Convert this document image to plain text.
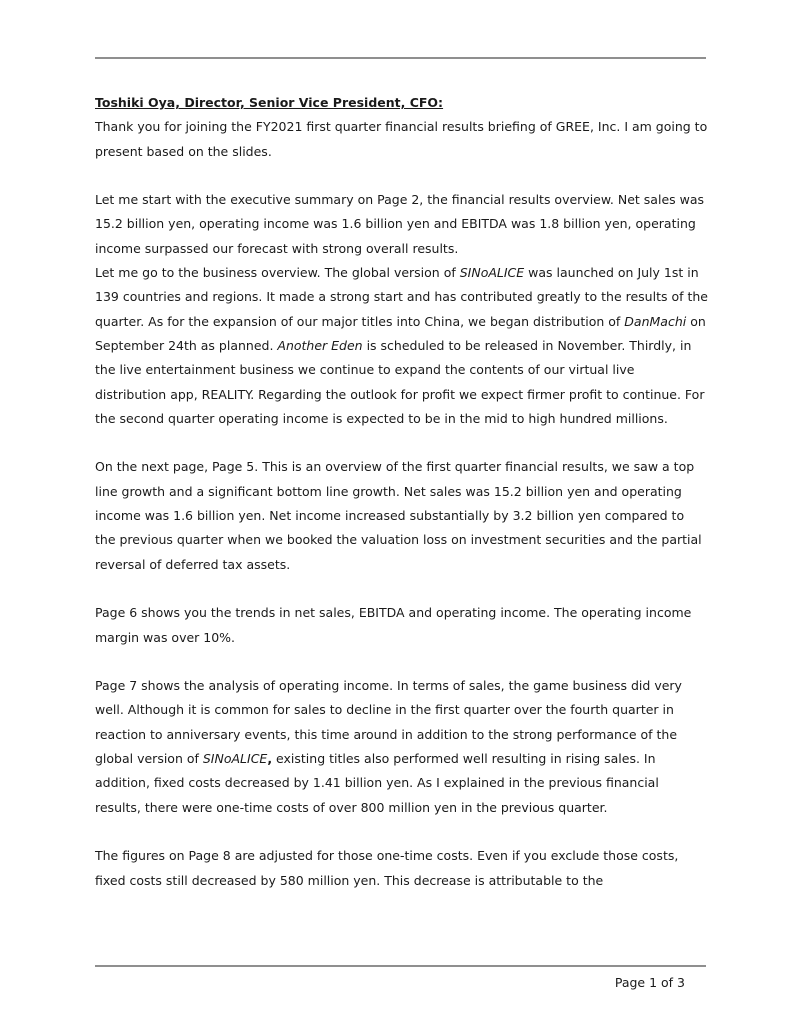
Toshiki Oya, Director, Senior Vice President, CFO:

Thank you for joining the FY2021 first quarter financial results briefing of GREE, Inc. I am going to present based on the slides.

Let me start with the executive summary on Page 2, the financial results overview. Net sales was 15.2 billion yen, operating income was 1.6 billion yen and EBITDA was 1.8 billion yen, operating income surpassed our forecast with strong overall results.

Let me go to the business overview. The global version of SINoALICE was launched on July 1st in 139 countries and regions. It made a strong start and has contributed greatly to the results of the quarter. As for the expansion of our major titles into China, we began distribution of DanMachi on September 24th as planned. Another Eden is scheduled to be released in November. Thirdly, in the live entertainment business we continue to expand the contents of our virtual live distribution app, REALITY. Regarding the outlook for profit we expect firmer profit to continue. For the second quarter operating income is expected to be in the mid to high hundred millions.

On the next page, Page 5. This is an overview of the first quarter financial results, we saw a top line growth and a significant bottom line growth. Net sales was 15.2 billion yen and operating income was 1.6 billion yen. Net income increased substantially by 3.2 billion yen compared to the previous quarter when we booked the valuation loss on investment securities and the partial reversal of deferred tax assets.

Page 6 shows you the trends in net sales, EBITDA and operating income. The operating income margin was over 10%.

Page 7 shows the analysis of operating income. In terms of sales, the game business did very well. Although it is common for sales to decline in the first quarter over the fourth quarter in reaction to anniversary events, this time around in addition to the strong performance of the global version of SINoALICE, existing titles also performed well resulting in rising sales. In addition, fixed costs decreased by 1.41 billion yen. As I explained in the previous financial results, there were one-time costs of over 800 million yen in the previous quarter.

The figures on Page 8 are adjusted for those one-time costs. Even if you exclude those costs, fixed costs still decreased by 580 million yen. This decrease is attributable to the

Page 1 of 3
